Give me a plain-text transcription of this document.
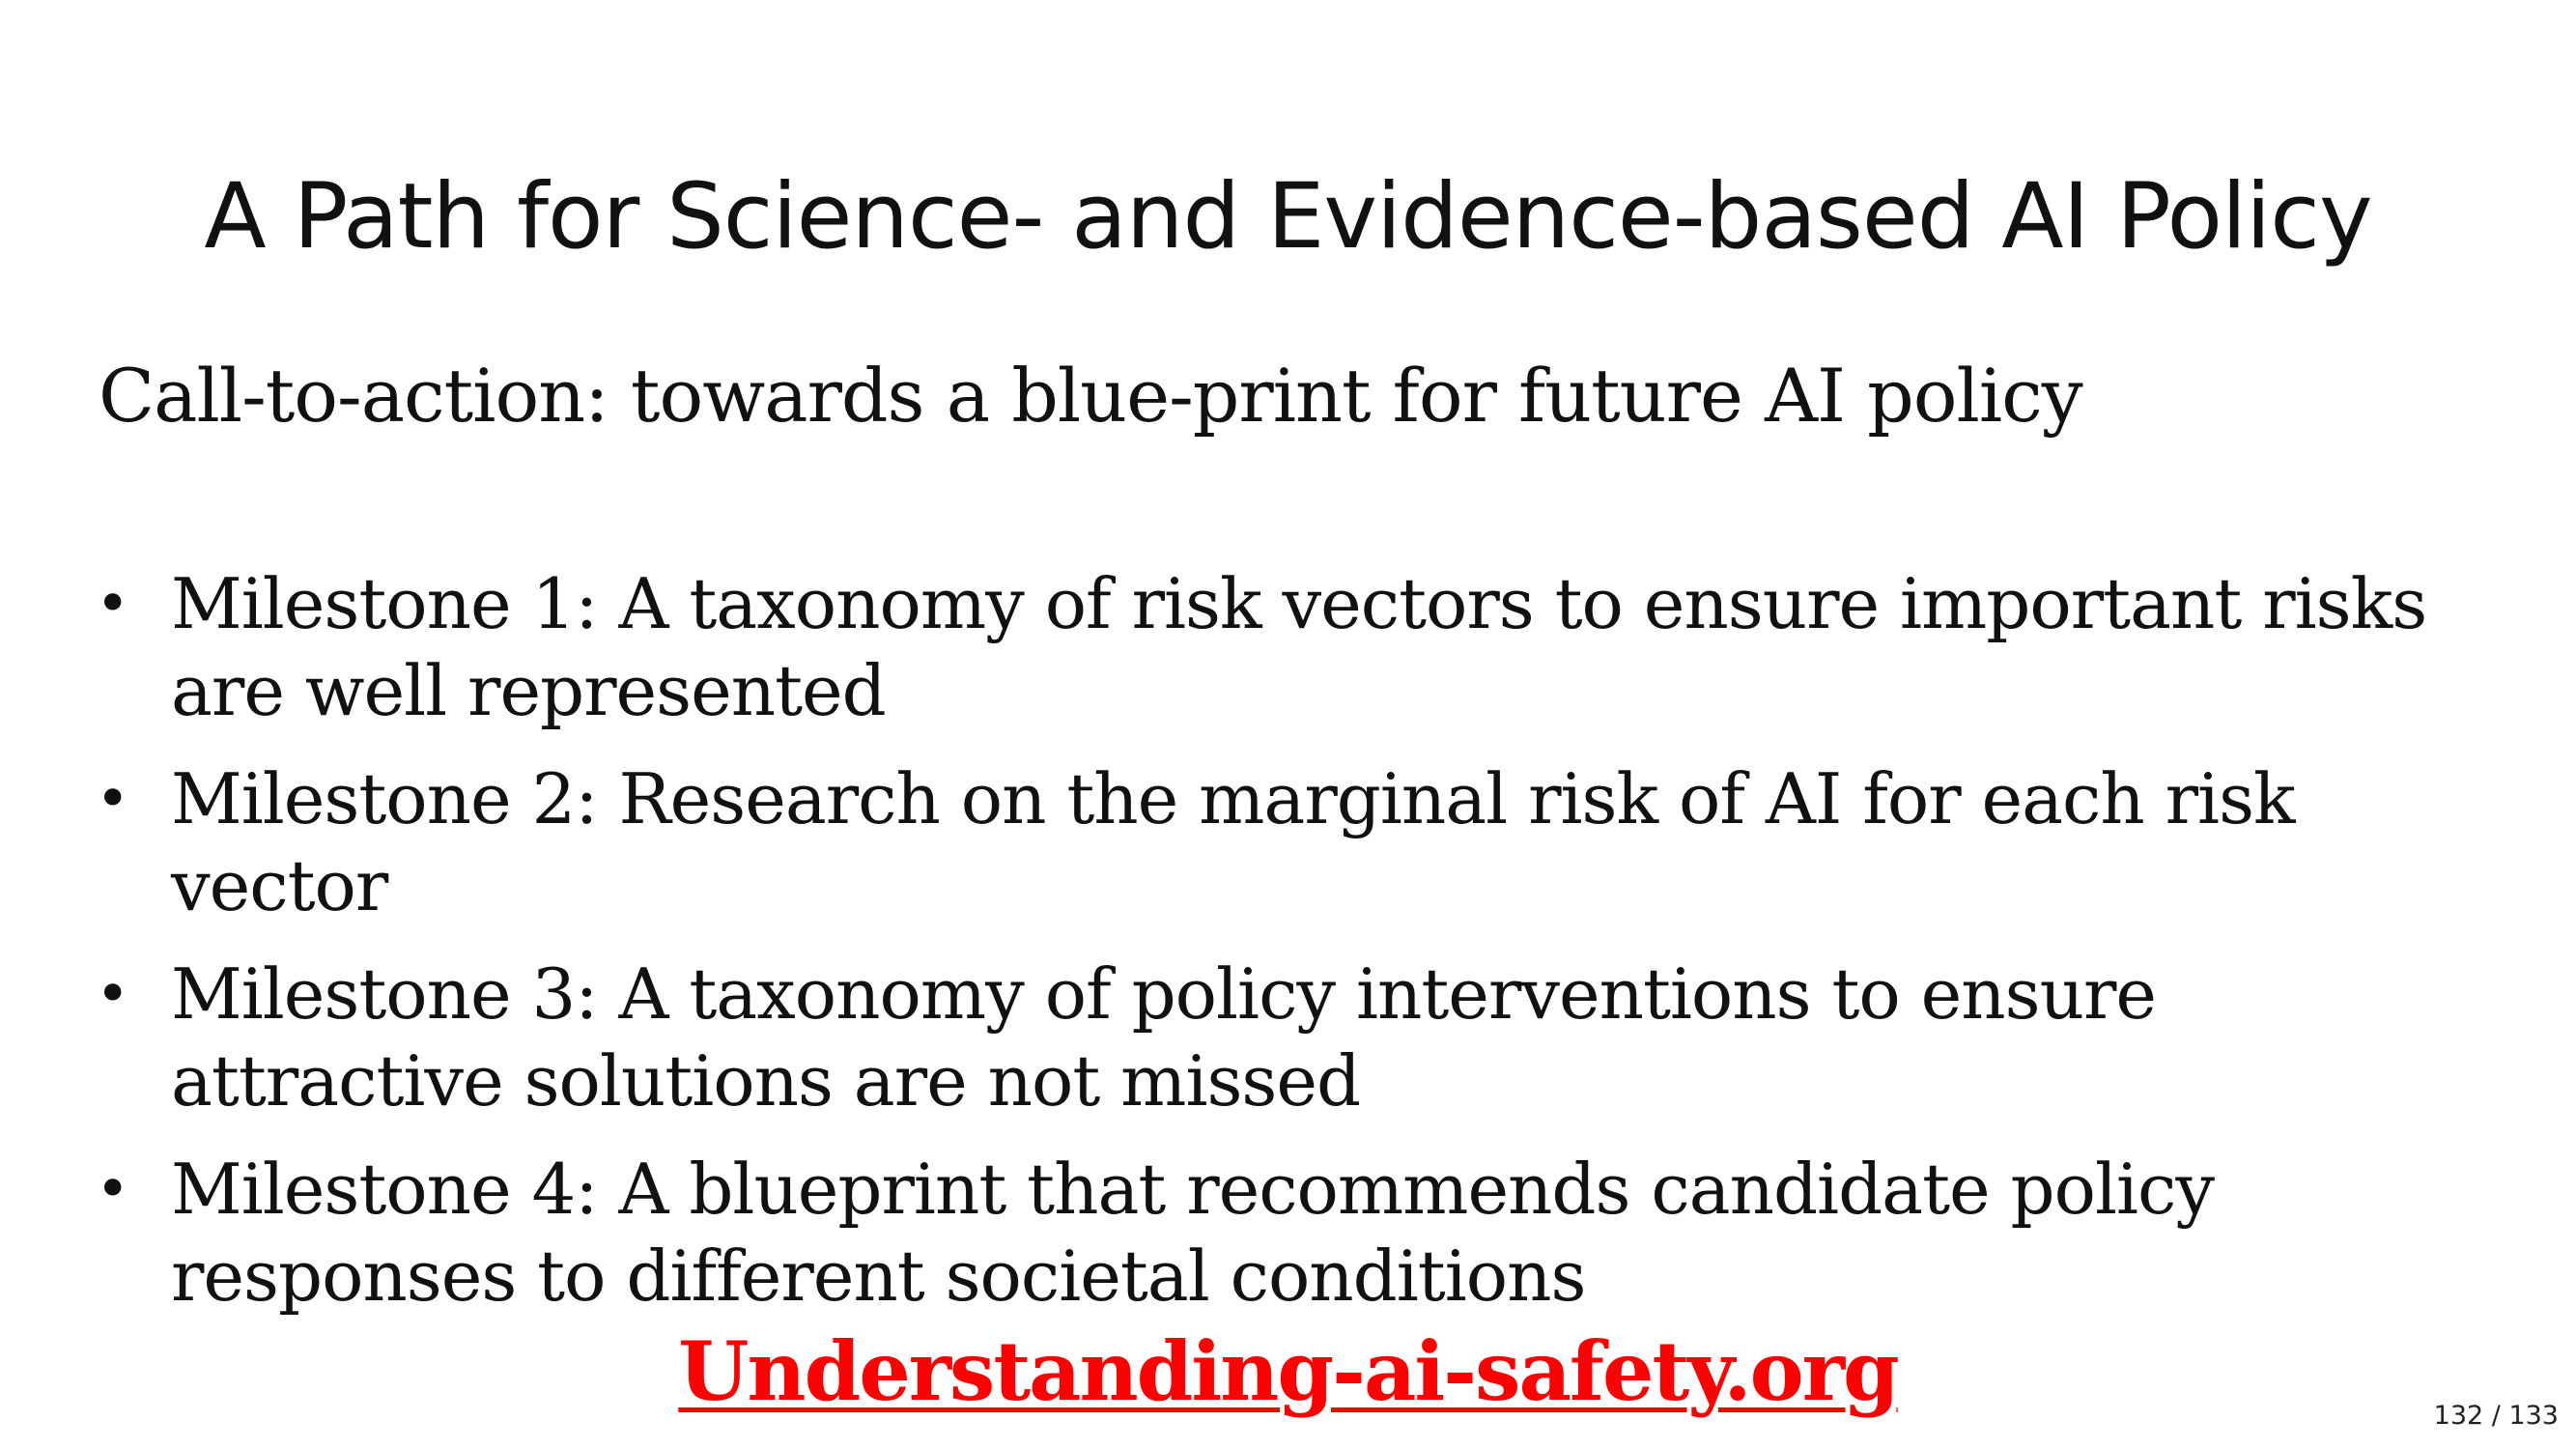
A Path for Science- and Evidence-based AI Policy
Call-to-action: towards a blue-print for future AI policy
• Milestone 1: A taxonomy of risk vectors to ensure important risks are well represented
• Milestone 2: Research on the marginal risk of AI for each risk vector
• Milestone 3: A taxonomy of policy interventions to ensure attractive solutions are not missed
• Milestone 4: A blueprint that recommends candidate policy responses to different societal conditions
Understanding-ai-safety.org	132 / 133
